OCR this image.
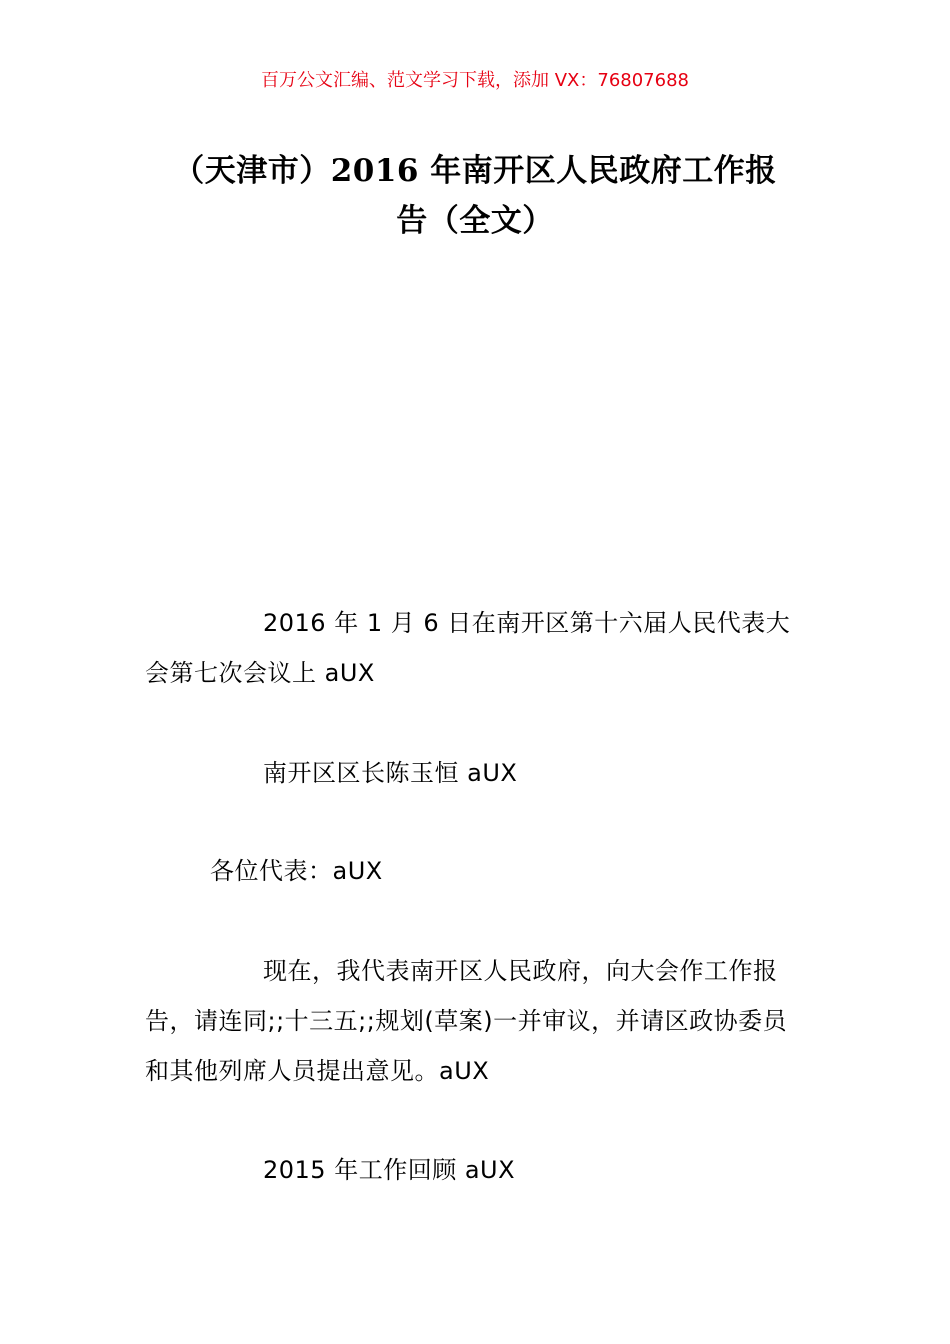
百万公文汇编、范文学习下载，添加 VX：76807688

（天津市）2016 年南开区人民政府工作报
告（全文）

2016 年 1 月 6 日在南开区第十六届人民代表大会第七次会议上 aUX

南开区区长陈玉恒 aUX

各位代表：aUX

现在，我代表南开区人民政府，向大会作工作报告，请连同;;十三五;;规划(草案)一并审议，并请区政协委员和其他列席人员提出意见。aUX

2015 年工作回顾 aUX
